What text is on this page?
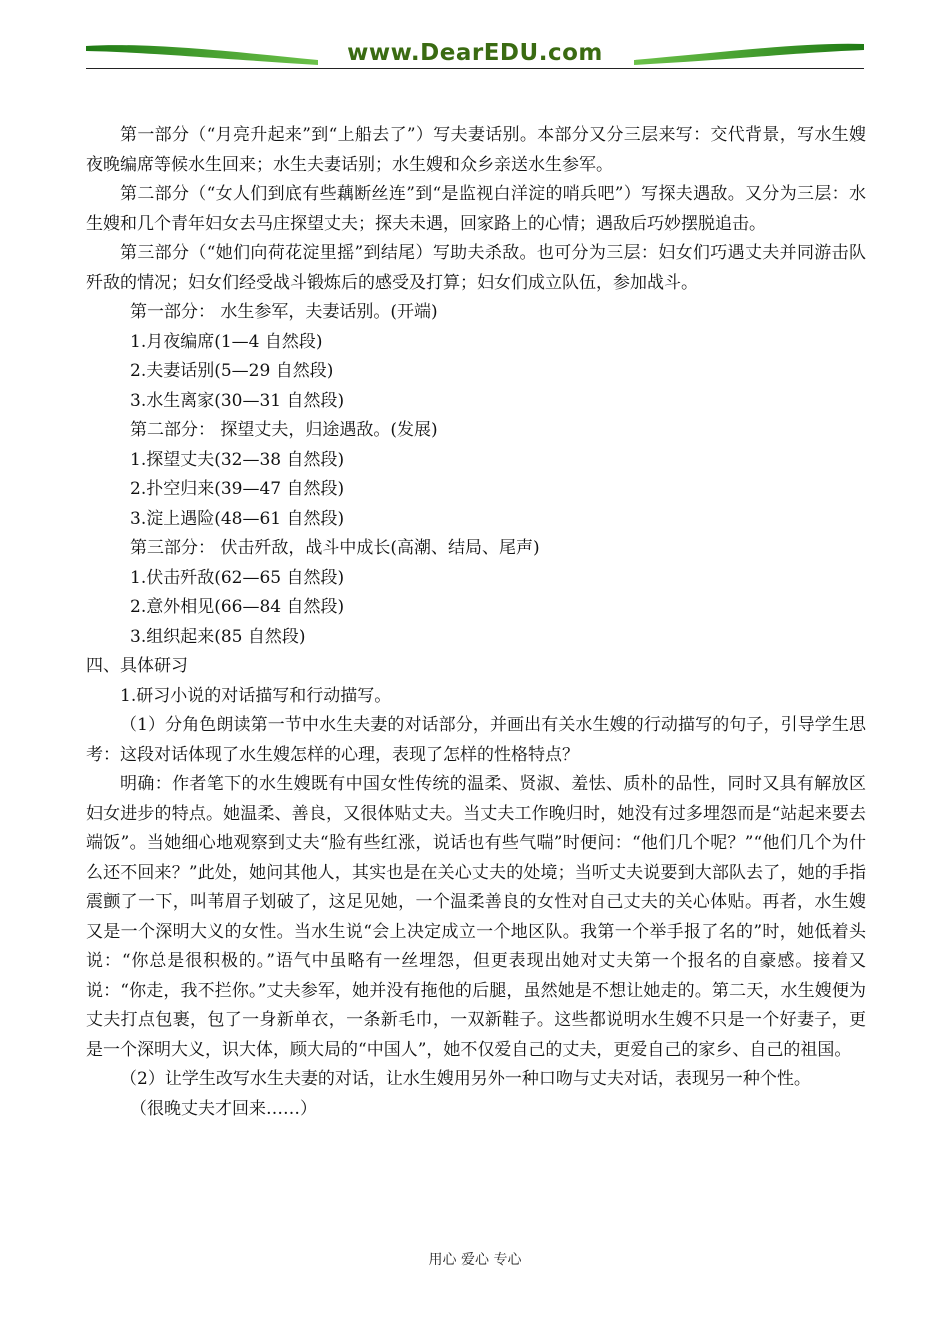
www.DearEDU.com

第一部分（“月亮升起来”到“上船去了”）写夫妻话别。本部分又分三层来写：交代背景，写水生嫂夜晚编席等候水生回来；水生夫妻话别；水生嫂和众乡亲送水生参军。

第二部分（“女人们到底有些藕断丝连”到“是监视白洋淀的哨兵吧”）写探夫遇敌。又分为三层：水生嫂和几个青年妇女去马庄探望丈夫；探夫未遇，回家路上的心情；遇敌后巧妙摆脱追击。

第三部分（“她们向荷花淀里摇”到结尾）写助夫杀敌。也可分为三层：妇女们巧遇丈夫并同游击队歼敌的情况；妇女们经受战斗锻炼后的感受及打算；妇女们成立队伍，参加战斗。

第一部分： 水生参军，夫妻话别。(开端)

1.月夜编席(1—4 自然段)

2.夫妻话别(5—29 自然段)

3.水生离家(30—31 自然段)

第二部分： 探望丈夫，归途遇敌。(发展)

1.探望丈夫(32—38 自然段)

2.扑空归来(39—47 自然段)

3.淀上遇险(48—61 自然段)

第三部分： 伏击歼敌，战斗中成长(高潮、结局、尾声)

1.伏击歼敌(62—65 自然段)

2.意外相见(66—84 自然段)

3.组织起来(85 自然段)

四、具体研习

1.研习小说的对话描写和行动描写。

（1）分角色朗读第一节中水生夫妻的对话部分，并画出有关水生嫂的行动描写的句子，引导学生思考：这段对话体现了水生嫂怎样的心理，表现了怎样的性格特点？

明确：作者笔下的水生嫂既有中国女性传统的温柔、贤淑、羞怯、质朴的品性，同时又具有解放区妇女进步的特点。她温柔、善良，又很体贴丈夫。当丈夫工作晚归时，她没有过多埋怨而是“站起来要去端饭”。当她细心地观察到丈夫“脸有些红涨，说话也有些气喘”时便问：“他们几个呢？”“他们几个为什么还不回来？”此处，她问其他人，其实也是在关心丈夫的处境；当听丈夫说要到大部队去了，她的手指震颤了一下，叫苇眉子划破了，这足见她，一个温柔善良的女性对自己丈夫的关心体贴。再者，水生嫂又是一个深明大义的女性。当水生说“会上决定成立一个地区队。我第一个举手报了名的”时，她低着头说：“你总是很积极的。”语气中虽略有一丝埋怨，但更表现出她对丈夫第一个报名的自豪感。接着又说：“你走，我不拦你。”丈夫参军，她并没有拖他的后腿，虽然她是不想让她走的。第二天，水生嫂便为丈夫打点包裹，包了一身新单衣，一条新毛巾，一双新鞋子。这些都说明水生嫂不只是一个好妻子，更是一个深明大义，识大体，顾大局的“中国人”，她不仅爱自己的丈夫，更爱自己的家乡、自己的祖国。

（2）让学生改写水生夫妻的对话，让水生嫂用另外一种口吻与丈夫对话，表现另一种个性。

（很晚丈夫才回来……）

用心 爱心 专心
